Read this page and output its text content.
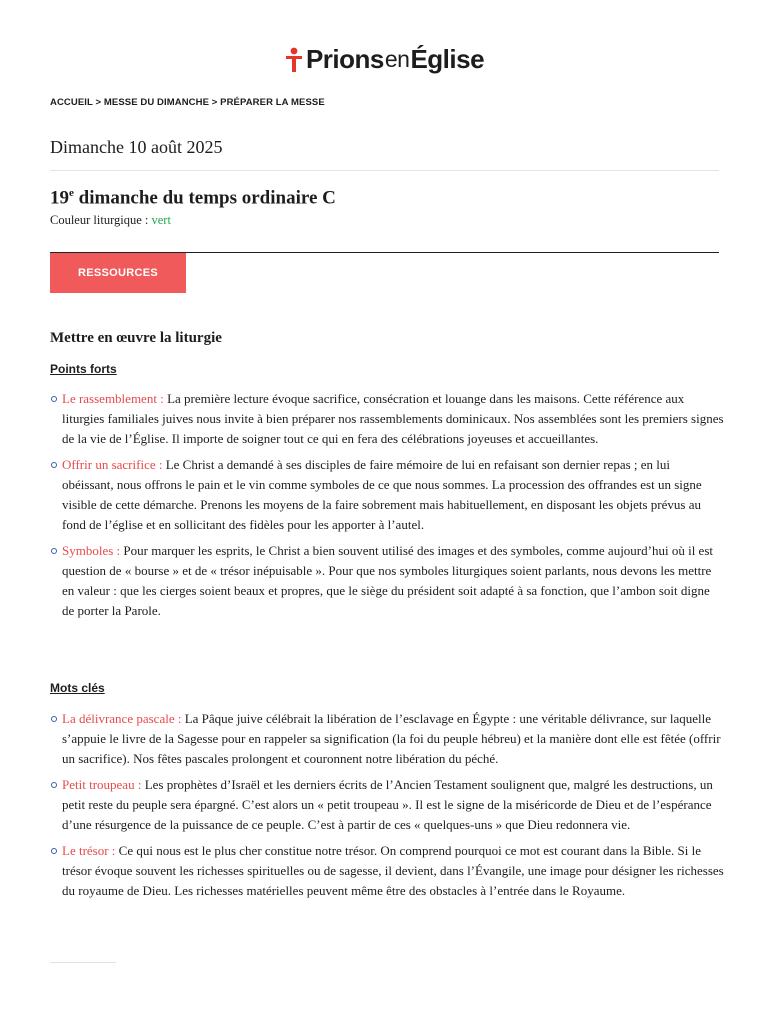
Prions en Église
ACCUEIL > MESSE DU DIMANCHE > PRÉPARER LA MESSE
Dimanche 10 août 2025
19e dimanche du temps ordinaire C
Couleur liturgique : vert
RESSOURCES
Mettre en œuvre la liturgie
Points forts
Le rassemblement : La première lecture évoque sacrifice, consécration et louange dans les maisons. Cette référence aux liturgies familiales juives nous invite à bien préparer nos rassemblements dominicaux. Nos assemblées sont les premiers signes de la vie de l’Église. Il importe de soigner tout ce qui en fera des célébrations joyeuses et accueillantes.
Offrir un sacrifice : Le Christ a demandé à ses disciples de faire mémoire de lui en refaisant son dernier repas ; en lui obéissant, nous offrons le pain et le vin comme symboles de ce que nous sommes. La procession des offrandes est un signe visible de cette démarche. Prenons les moyens de la faire sobrement mais habituellement, en disposant les objets prévus au fond de l’église et en sollicitant des fidèles pour les apporter à l’autel.
Symboles : Pour marquer les esprits, le Christ a bien souvent utilisé des images et des symboles, comme aujourd’hui où il est question de « bourse » et de « trésor inépuisable ». Pour que nos symboles liturgiques soient parlants, nous devons les mettre en valeur : que les cierges soient beaux et propres, que le siège du président soit adapté à sa fonction, que l’ambon soit digne de porter la Parole.
Mots clés
La délivrance pascale : La Pâque juive célébrait la libération de l’esclavage en Égypte : une véritable délivrance, sur laquelle s’appuie le livre de la Sagesse pour en rappeler sa signification (la foi du peuple hébreu) et la manière dont elle est fêtée (offrir un sacrifice). Nos fêtes pascales prolongent et couronnent notre libération du péché.
Petit troupeau : Les prophètes d’Israël et les derniers écrits de l’Ancien Testament soulignent que, malgré les destructions, un petit reste du peuple sera épargné. C’est alors un « petit troupeau ». Il est le signe de la miséricorde de Dieu et de l’espérance d’une résurgence de la puissance de ce peuple. C’est à partir de ces « quelques-uns » que Dieu redonnera vie.
Le trésor : Ce qui nous est le plus cher constitue notre trésor. On comprend pourquoi ce mot est courant dans la Bible. Si le trésor évoque souvent les richesses spirituelles ou de sagesse, il devient, dans l’Évangile, une image pour désigner les richesses du royaume de Dieu. Les richesses matérielles peuvent même être des obstacles à l’entrée dans le Royaume.
